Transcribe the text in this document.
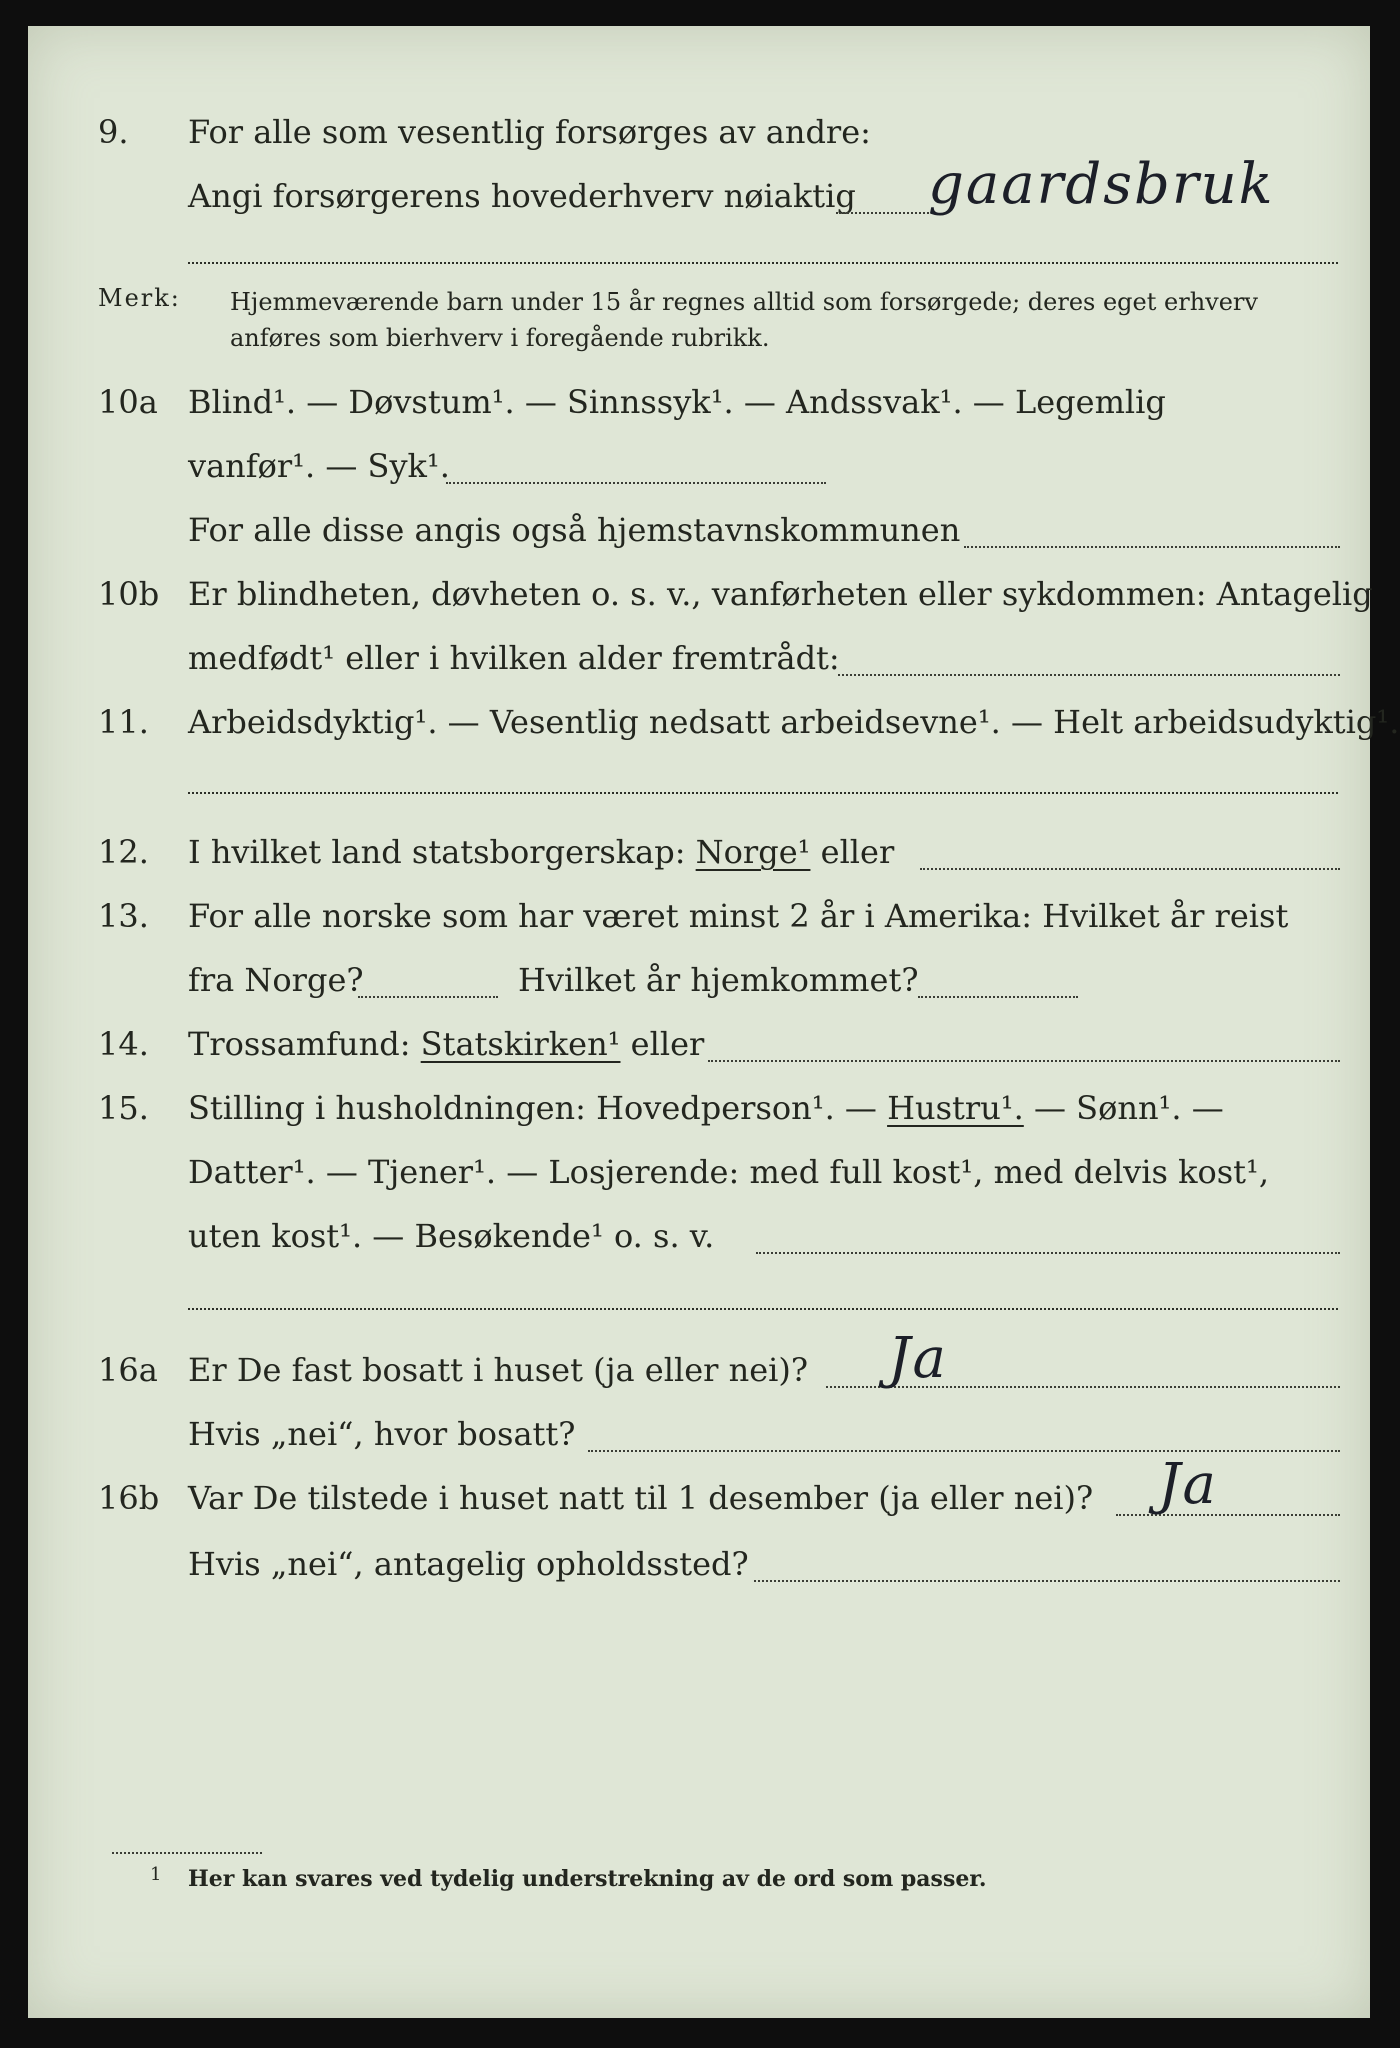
9. For alle som vesentlig forsørges av andre:
Angi forsørgerens hovederhverv nøiaktig gaardsbruk
Merk: Hjemmeværende barn under 15 år regnes alltid som forsørgede; deres eget erhverv anføres som bierhverv i foregående rubrikk.
10a Blind¹. — Døvstum¹. — Sinnssyk¹. — Andssvak¹. — Legemlig
vanfør¹. — Syk¹.
For alle disse angis også hjemstavnskommunen
10b Er blindheten, døvheten o. s. v., vanførheten eller sykdommen: Antagelig
medfødt¹ eller i hvilken alder fremtrådt:
11. Arbeidsdyktig¹. — Vesentlig nedsatt arbeidsevne¹. — Helt arbeidsudyktig¹.
12. I hvilket land statsborgerskap: Norge¹ eller
13. For alle norske som har været minst 2 år i Amerika: Hvilket år reist
fra Norge?	Hvilket år hjemkommet?
14. Trossamfund: Statskirken¹ eller
15. Stilling i husholdningen: Hovedperson¹. — Hustru¹. — Sønn¹. —
Datter¹. — Tjener¹. — Losjerende: med full kost¹, med delvis kost¹,
uten kost¹. — Besøkende¹ o. s. v.
16a Er De fast bosatt i huset (ja eller nei)? Ja
Hvis „nei“, hvor bosatt?
16b Var De tilstede i huset natt til 1 desember (ja eller nei)? Ja
Hvis „nei“, antagelig opholdssted?
1 Her kan svares ved tydelig understrekning av de ord som passer.
